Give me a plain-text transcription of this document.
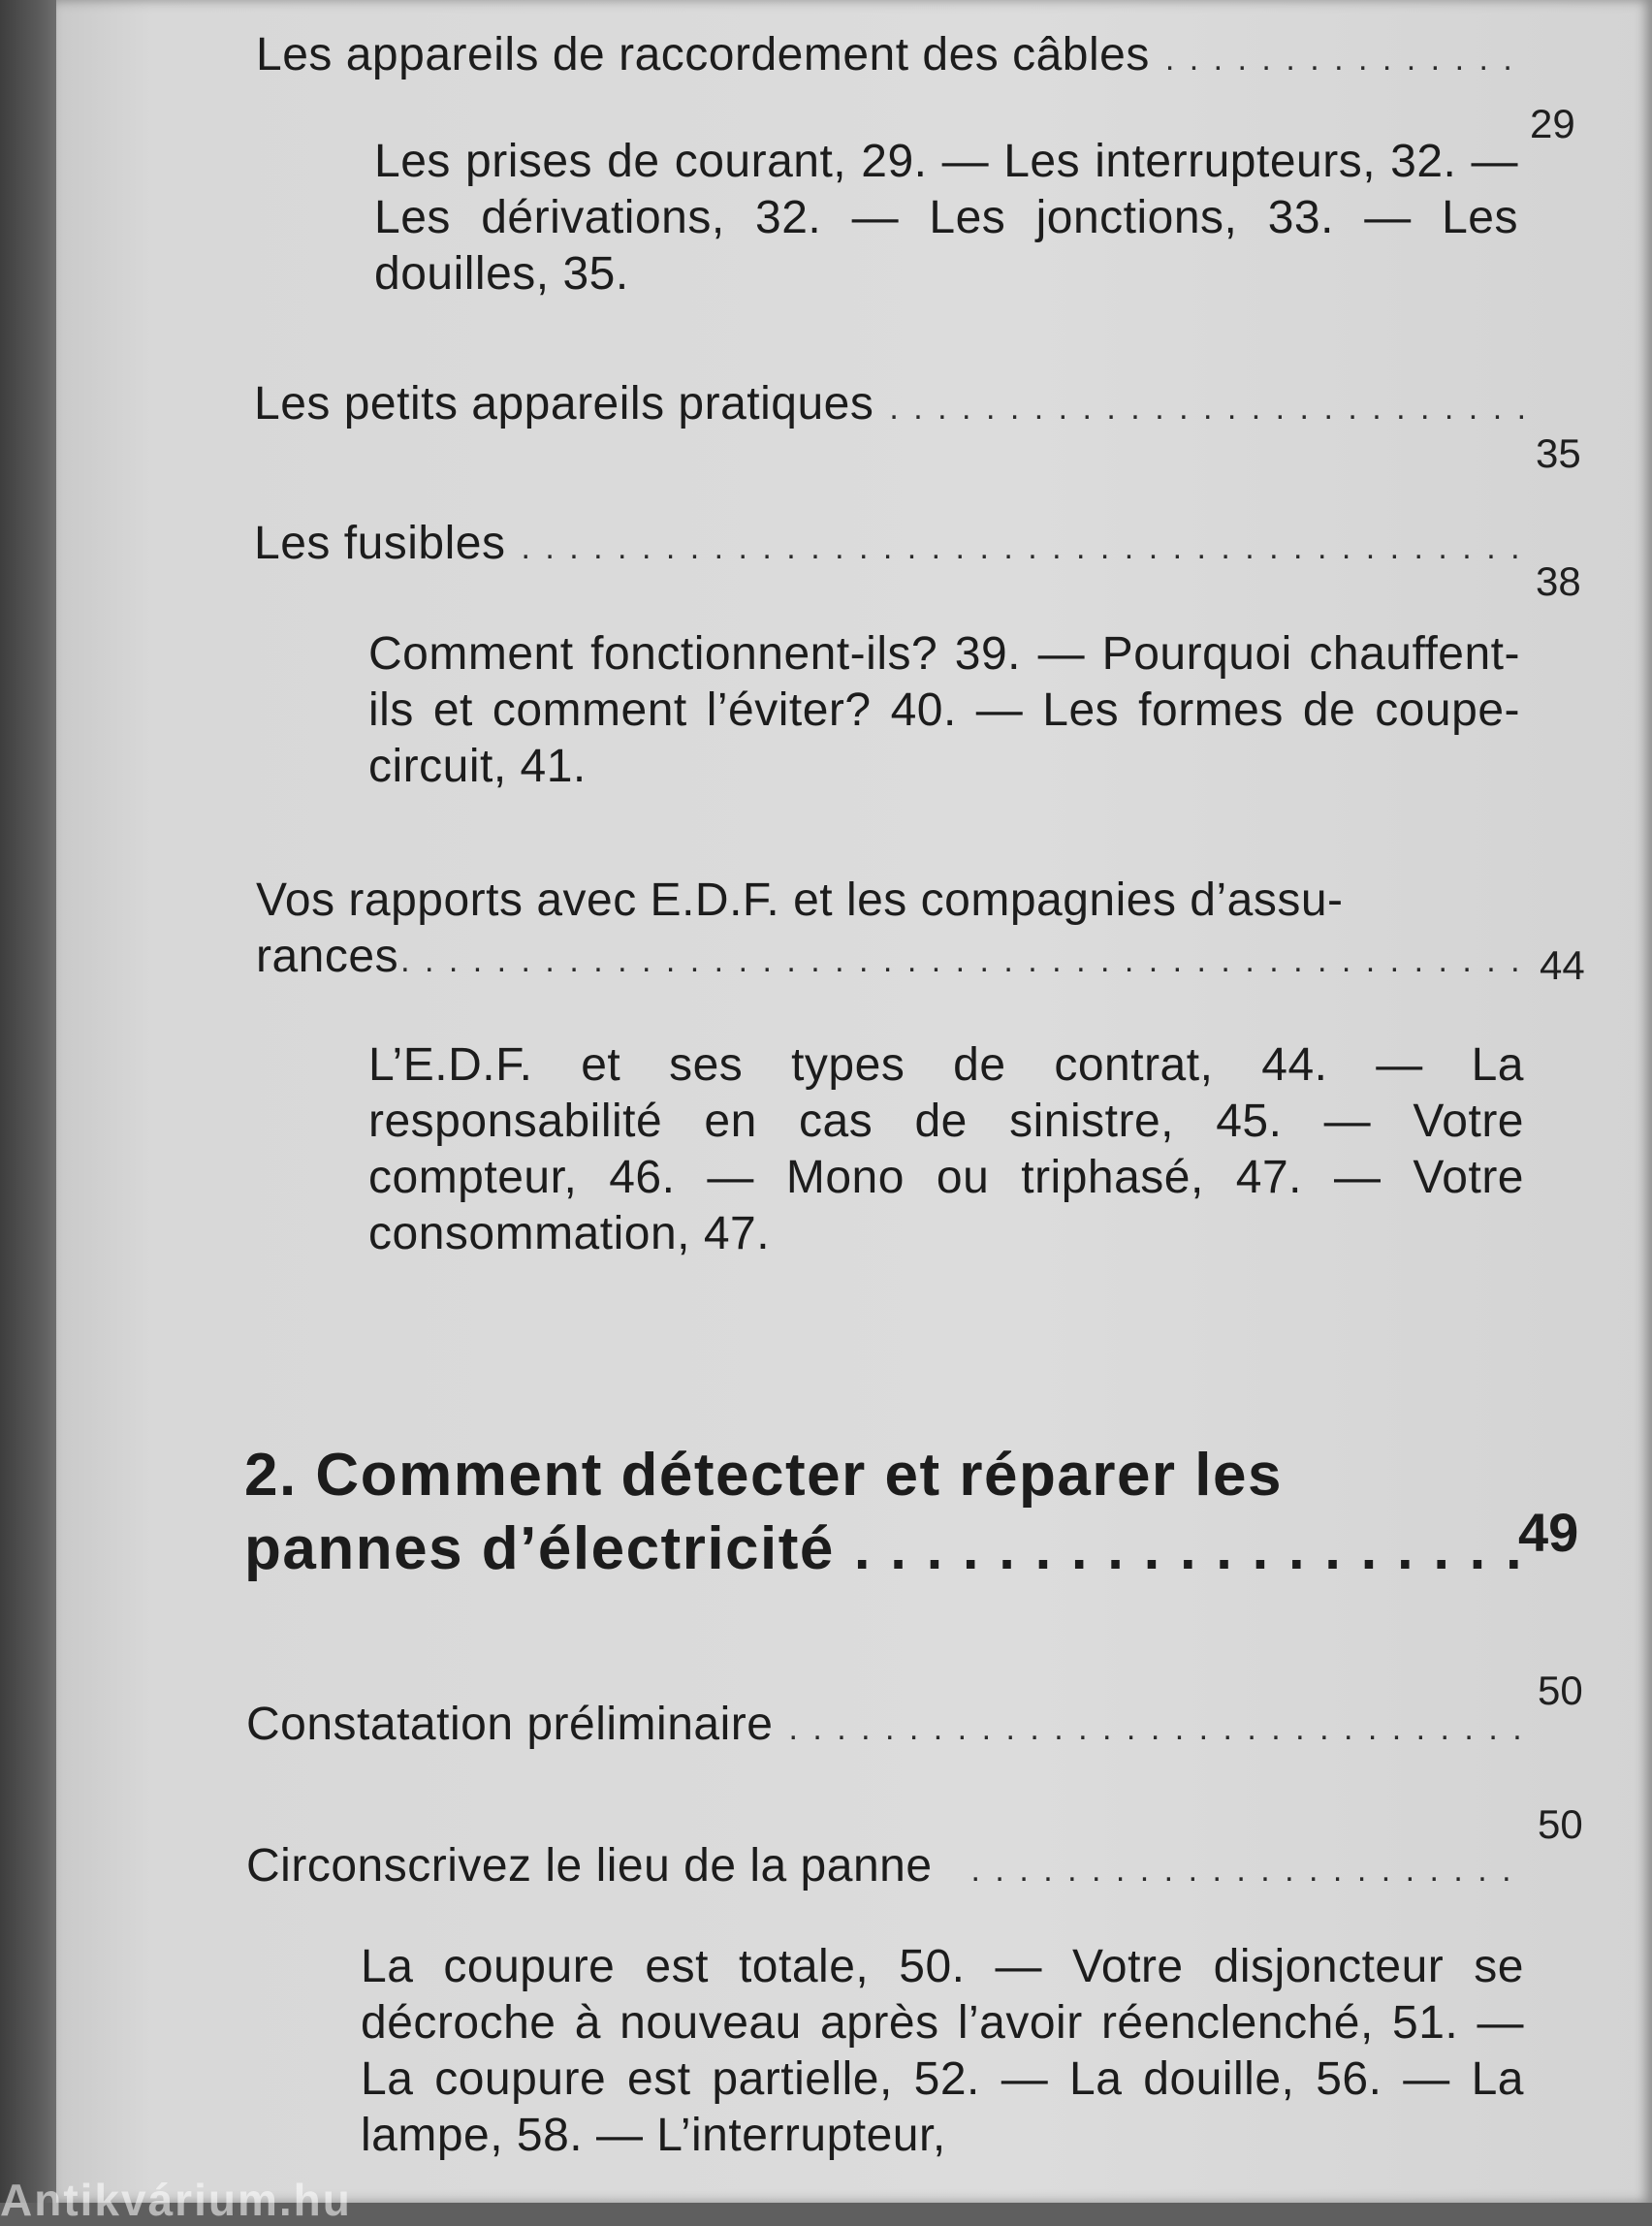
Les appareils de raccordement des câbles
. . .
29
Les prises de courant, 29. — Les interrupteurs, 32. — Les dérivations, 32. — Les jonctions, 33. — Les douilles, 35.
Les petits appareils pratiques
. . .
35
Les fusibles
. . .
38
Comment fonctionnent-ils? 39. — Pourquoi chauffent-ils et comment l’éviter? 40. — Les formes de coupe-circuit, 41.
Vos rapports avec E.D.F. et les compagnies d’assu-
rances . . .	44
L’E.D.F. et ses types de contrat, 44. — La responsabilité en cas de sinistre, 45. — Votre compteur, 46. — Mono ou triphasé, 47. — Votre consommation, 47.
2. Comment détecter et réparer les
pannes d’électricité . . .	49
Constatation préliminaire
. . .
50
Circonscrivez le lieu de la panne
. . .
50
La coupure est totale, 50. — Votre disjoncteur se décroche à nouveau après l’avoir réenclenché, 51. — La coupure est partielle, 52. — La douille, 56. — La lampe, 58. — L’interrupteur,
Antikvárium.hu
